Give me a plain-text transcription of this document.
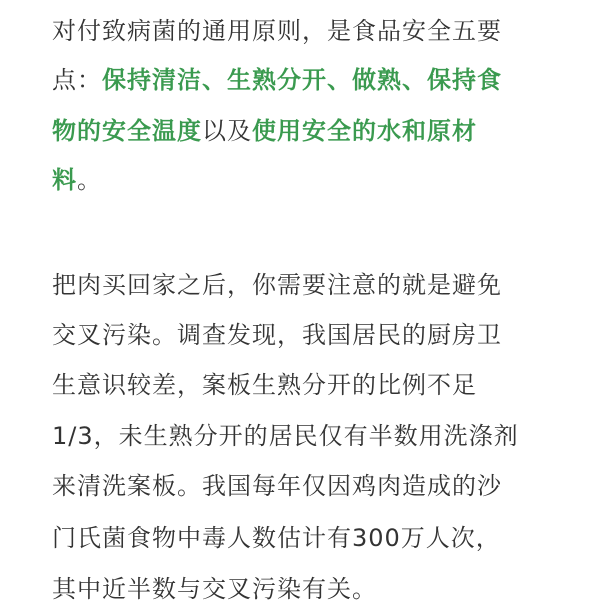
对付致病菌的通用原则，是食品安全五要
点：保持清洁、生熟分开、做熟、保持食
物的安全温度以及使用安全的水和原材
料。
把肉买回家之后，你需要注意的就是避免
交叉污染。调查发现，我国居民的厨房卫
生意识较差，案板生熟分开的比例不足
1/3，未生熟分开的居民仅有半数用洗涤剂
来清洗案板。我国每年仅因鸡肉造成的沙
门氏菌食物中毒人数估计有300万人次，
其中近半数与交叉污染有关。
